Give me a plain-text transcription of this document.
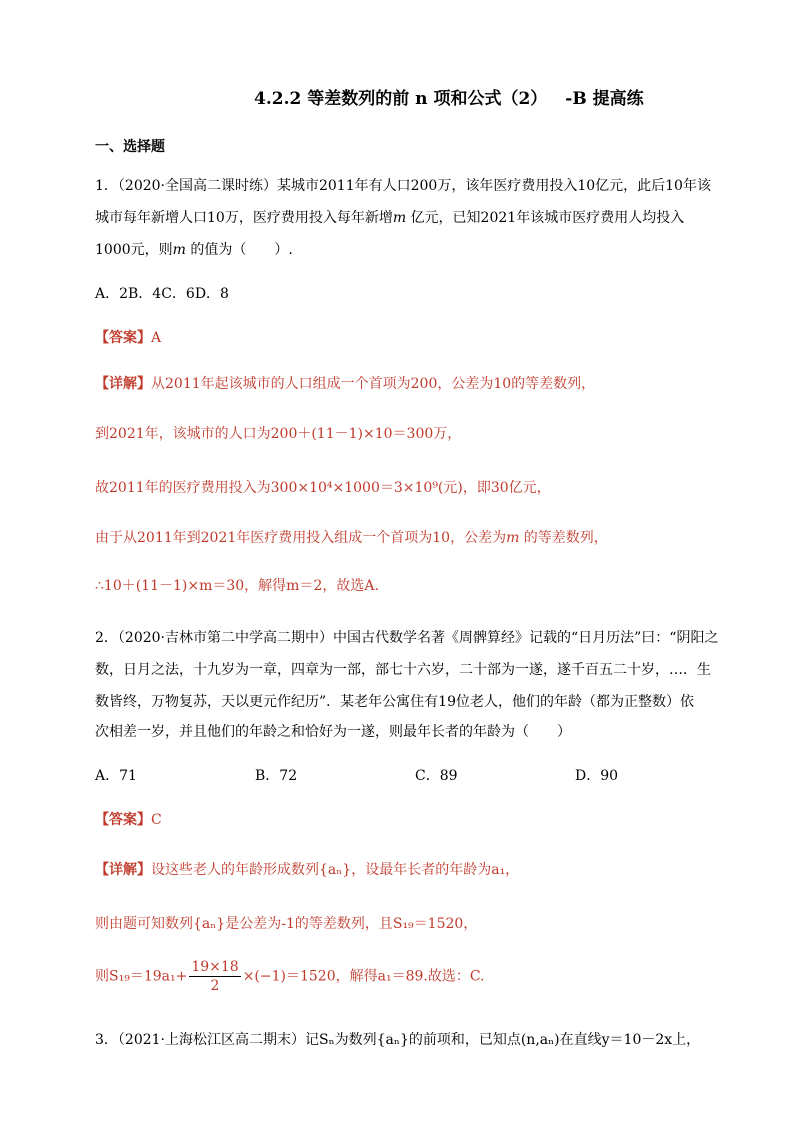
4.2.2 等差数列的前 n 项和公式（2） -B 提高练
一、选择题
1．（2020·全国高二课时练）某城市2011年有人口200万，该年医疗费用投入10亿元，此后10年该
城市每年新增人口10万，医疗费用投入每年新增m 亿元，已知2021年该城市医疗费用人均投入
1000元，则m 的值为（　　）.
A．2B．4C．6D．8
【答案】A
【详解】从2011年起该城市的人口组成一个首项为200，公差为10的等差数列，
到2021年，该城市的人口为200＋(11－1)×10＝300万，
故2011年的医疗费用投入为300×10⁴×1000＝3×10⁹(元)，即30亿元，
由于从2011年到2021年医疗费用投入组成一个首项为10，公差为m 的等差数列，
∴10＋(11－1)×m＝30，解得m＝2，故选A.
2．（2020·吉林市第二中学高二期中）中国古代数学名著《周髀算经》记载的“日月历法”曰：“阴阳之
数，日月之法，十九岁为一章，四章为一部，部七十六岁，二十部为一遂，遂千百五二十岁，…．生
数皆终，万物复苏，天以更元作纪历”．某老年公寓住有19位老人，他们的年龄（都为正整数）依
次相差一岁，并且他们的年龄之和恰好为一遂，则最年长者的年龄为（　　）
A．71	B．72	C．89	D．90
【答案】C
【详解】设这些老人的年龄形成数列{aₙ}，设最年长者的年龄为a₁，
则由题可知数列{aₙ}是公差为-1的等差数列，且S₁₉＝1520，
则$S_{19}=19a_1+ \frac{19\times 18}{2} \times(-1)=1520$，解得a₁＝89.故选：C.
3．（2021·上海松江区高二期末）记Sₙ为数列{aₙ}的前项和，已知点(n,aₙ)在直线y＝10－2x上，
